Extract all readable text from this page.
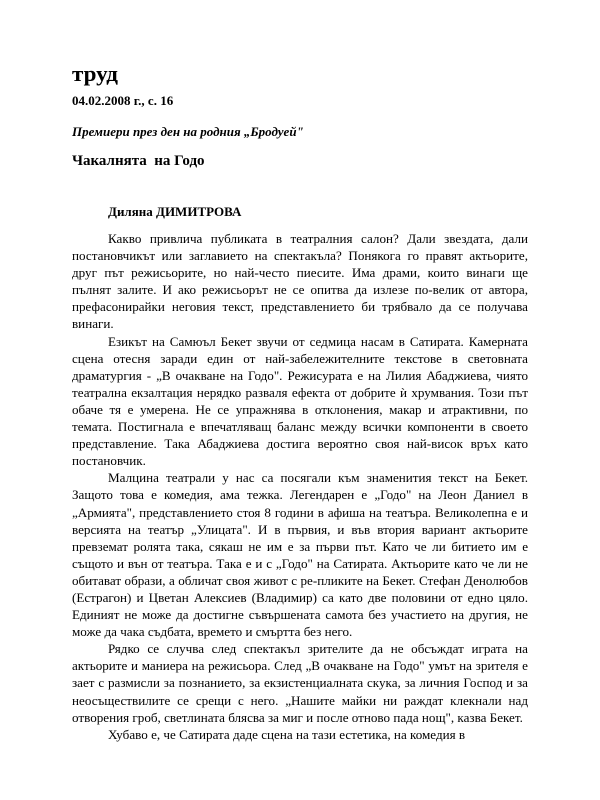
труд
04.02.2008 г., с. 16
Премиери през ден на родния „Бродуей"
Чакалнята  на Годо
Диляна ДИМИТРОВА

Какво привлича публиката в театралния салон? Дали звездата, дали постановчикът или заглавието на спектакъла? Понякога го правят актьорите, друг път режисьорите, но най-често пиесите. Има драми, които винаги ще пълнят залите. И ако режисьорът не се опитва да излезе по-велик от автора, префасонирайки неговия текст, представлението би трябвало да се получава винаги.

Езикът на Самюъл Бекет звучи от седмица насам в Сатирата. Камерната сцена отесня заради един от най-забележителните текстове в световната драматургия - „В очакване на Годо". Режисурата е на Лилия Абаджиева, чиято театрална екзалтация нерядко разваля ефекта от добрите ѝ хрумвания. Този път обаче тя е умерена. Не се упражнява в отклонения, макар и атрактивни, по темата. Постигнала е впечатляващ баланс между всички компоненти в своето представление. Така Абаджиева достига вероятно своя най-висок връх като постановчик.

Малцина театрали у нас са посягали към знаменития текст на Бекет. Защото това е комедия, ама тежка. Легендарен е „Годо" на Леон Даниел в „Армията", представлението стоя 8 години в афиша на театъра. Великолепна е и версията на театър „Улицата". И в първия, и във втория вариант актьорите превземат ролята така, сякаш не им е за първи път. Като че ли битието им е същото и вън от театъра. Така е и с „Годо" на Сатирата. Актьорите като че ли не обитават образи, а обличат своя живот с ре-пликите на Бекет. Стефан Денолюбов (Естрагон) и Цветан Алексиев (Владимир) са като две половини от едно цяло. Единият не може да достигне съвършената самота без участието на другия, не може да чака съдбата, времето и смъртта без него.

Рядко се случва след спектакъл зрителите да не обсъждат играта на актьорите и маниера на режисьора. След „В очакване на Годо" умът на зрителя е зает с размисли за познанието, за екзистенциалната скука, за личния Господ и за неосъществилите се срещи с него. „Нашите майки ни раждат клекнали над отворения гроб, светлината блясва за миг и после отново пада нощ", казва Бекет.

Хубаво е, че Сатирата даде сцена на тази естетика, на комедия в
